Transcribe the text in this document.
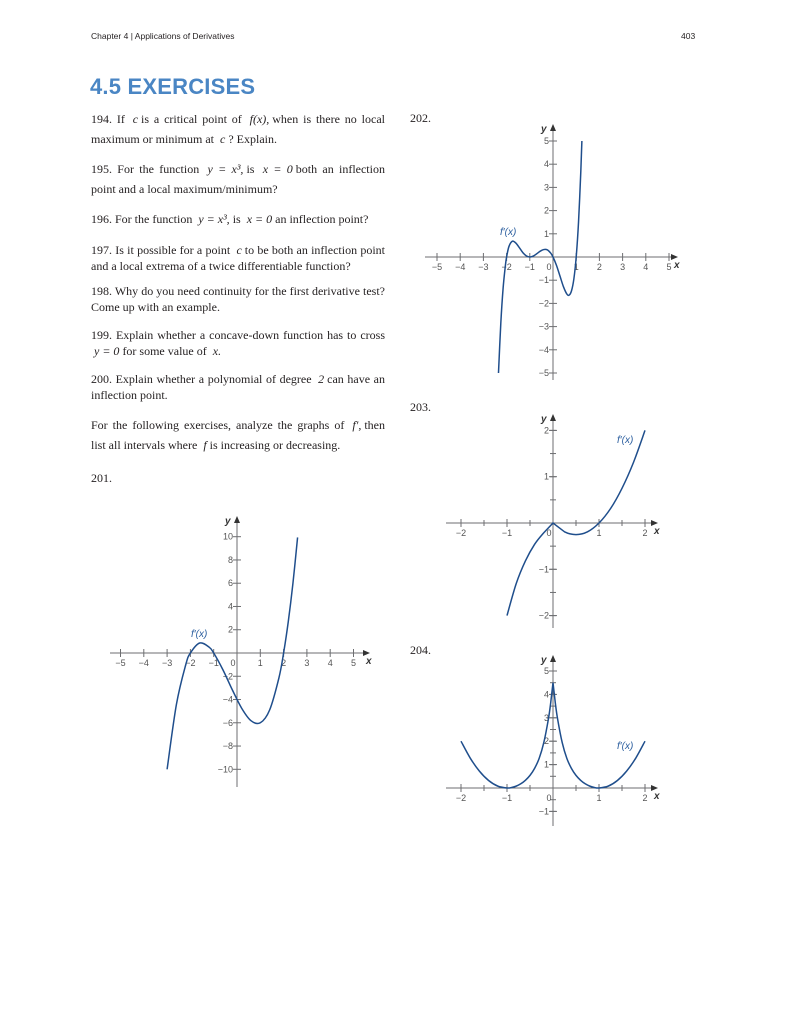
Chapter 4 | Applications of Derivatives	403
4.5 EXERCISES

194. If c is a critical point of f(x), when is there no local maximum or minimum at c ? Explain.

195. For the function y = x³, is x = 0 both an inflection point and a local maximum/minimum?

196. For the function y = x³, is x = 0 an inflection point?

197. Is it possible for a point c to be both an inflection point and a local extrema of a twice differentiable function?

198. Why do you need continuity for the first derivative test? Come up with an example.

199. Explain whether a concave-down function has to cross y = 0 for some value of x.

200. Explain whether a polynomial of degree 2 can have an inflection point.

For the following exercises, analyze the graphs of f′, then list all intervals where f is increasing or decreasing.

201.
202.
203.
204.
x
y
−5 −4 −3 −2 −1 0 1 2 3 4 5
−10
−8
−6
−4
−2
2
4
6
8
10
f′(x)
x
y
−5 −4 −3 −2 −1 0 1 2 3 4 5
−5
−4
−3
−2
−1
1
2
3
4
5
f′(x)
x
y
−2	−1	0	1	2
−2
−1
1
2
f′(x)
x
y
−2	−1	0	1	2
−1
1
2
3
4
5
f′(x)
